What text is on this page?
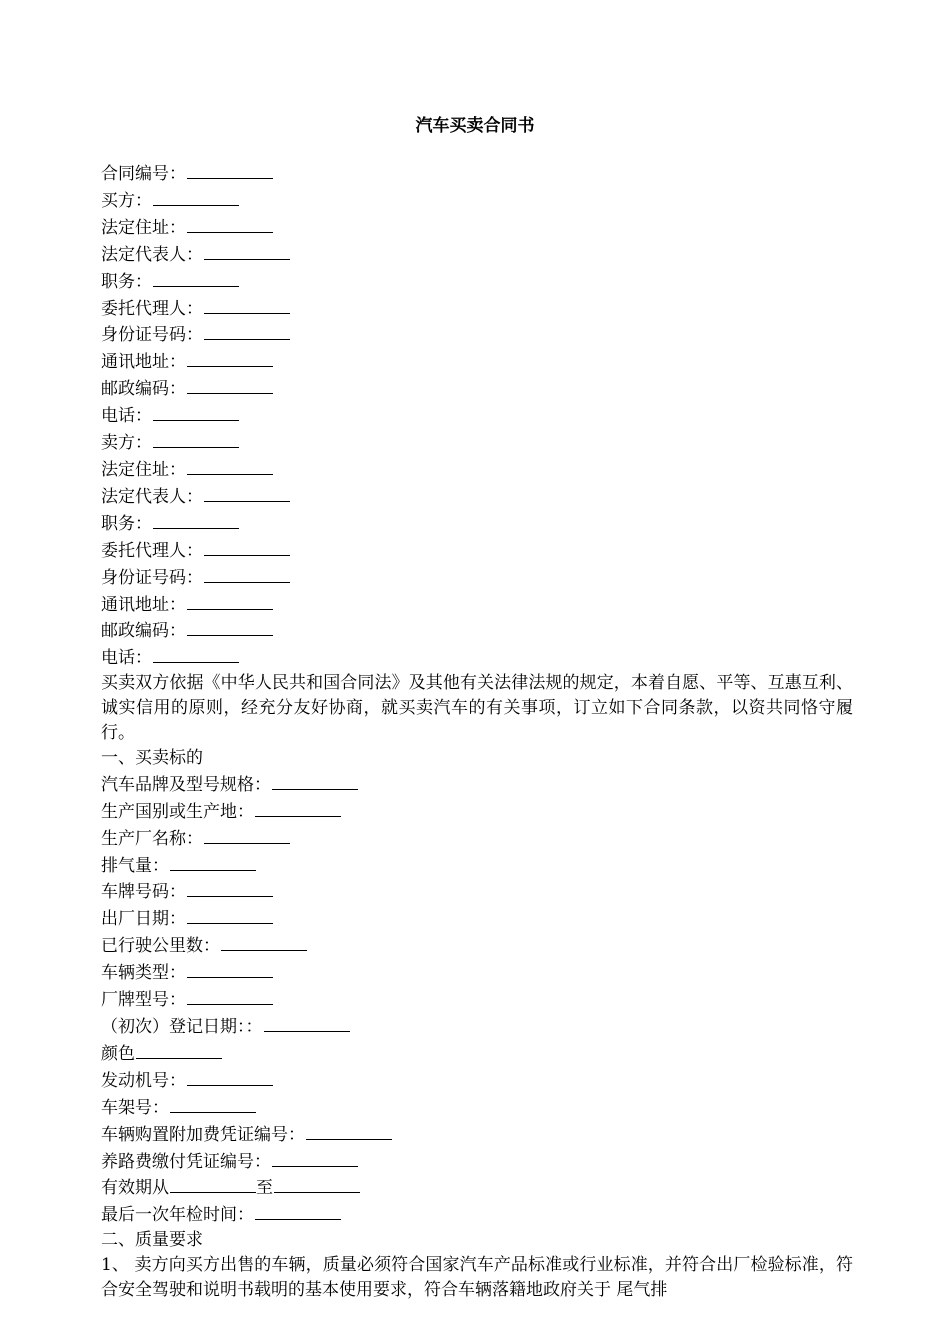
汽车买卖合同书
合同编号：
买方：
法定住址：
法定代表人：
职务：
委托代理人：
身份证号码：
通讯地址：
邮政编码：
电话：
卖方：
法定住址：
法定代表人：
职务：
委托代理人：
身份证号码：
通讯地址：
邮政编码：
电话：
买卖双方依据《中华人民共和国合同法》及其他有关法律法规的规定，本着自愿、平等、互惠互利、诚实信用的原则，经充分友好协商，就买卖汽车的有关事项，订立如下合同条款，以资共同恪守履行。
一、买卖标的
汽车品牌及型号规格：
生产国别或生产地：
生产厂名称：
排气量：
车牌号码：
出厂日期：
已行驶公里数：
车辆类型：
厂牌型号：
（初次）登记日期：：
颜色
发动机号：
车架号：
车辆购置附加费凭证编号：
养路费缴付凭证编号：
有效期从	至
最后一次年检时间：
二、质量要求
1、 卖方向买方出售的车辆，质量必须符合国家汽车产品标准或行业标准，并符合出厂检验标准，符合安全驾驶和说明书载明的基本使用要求，符合车辆落籍地政府关于 尾气排
